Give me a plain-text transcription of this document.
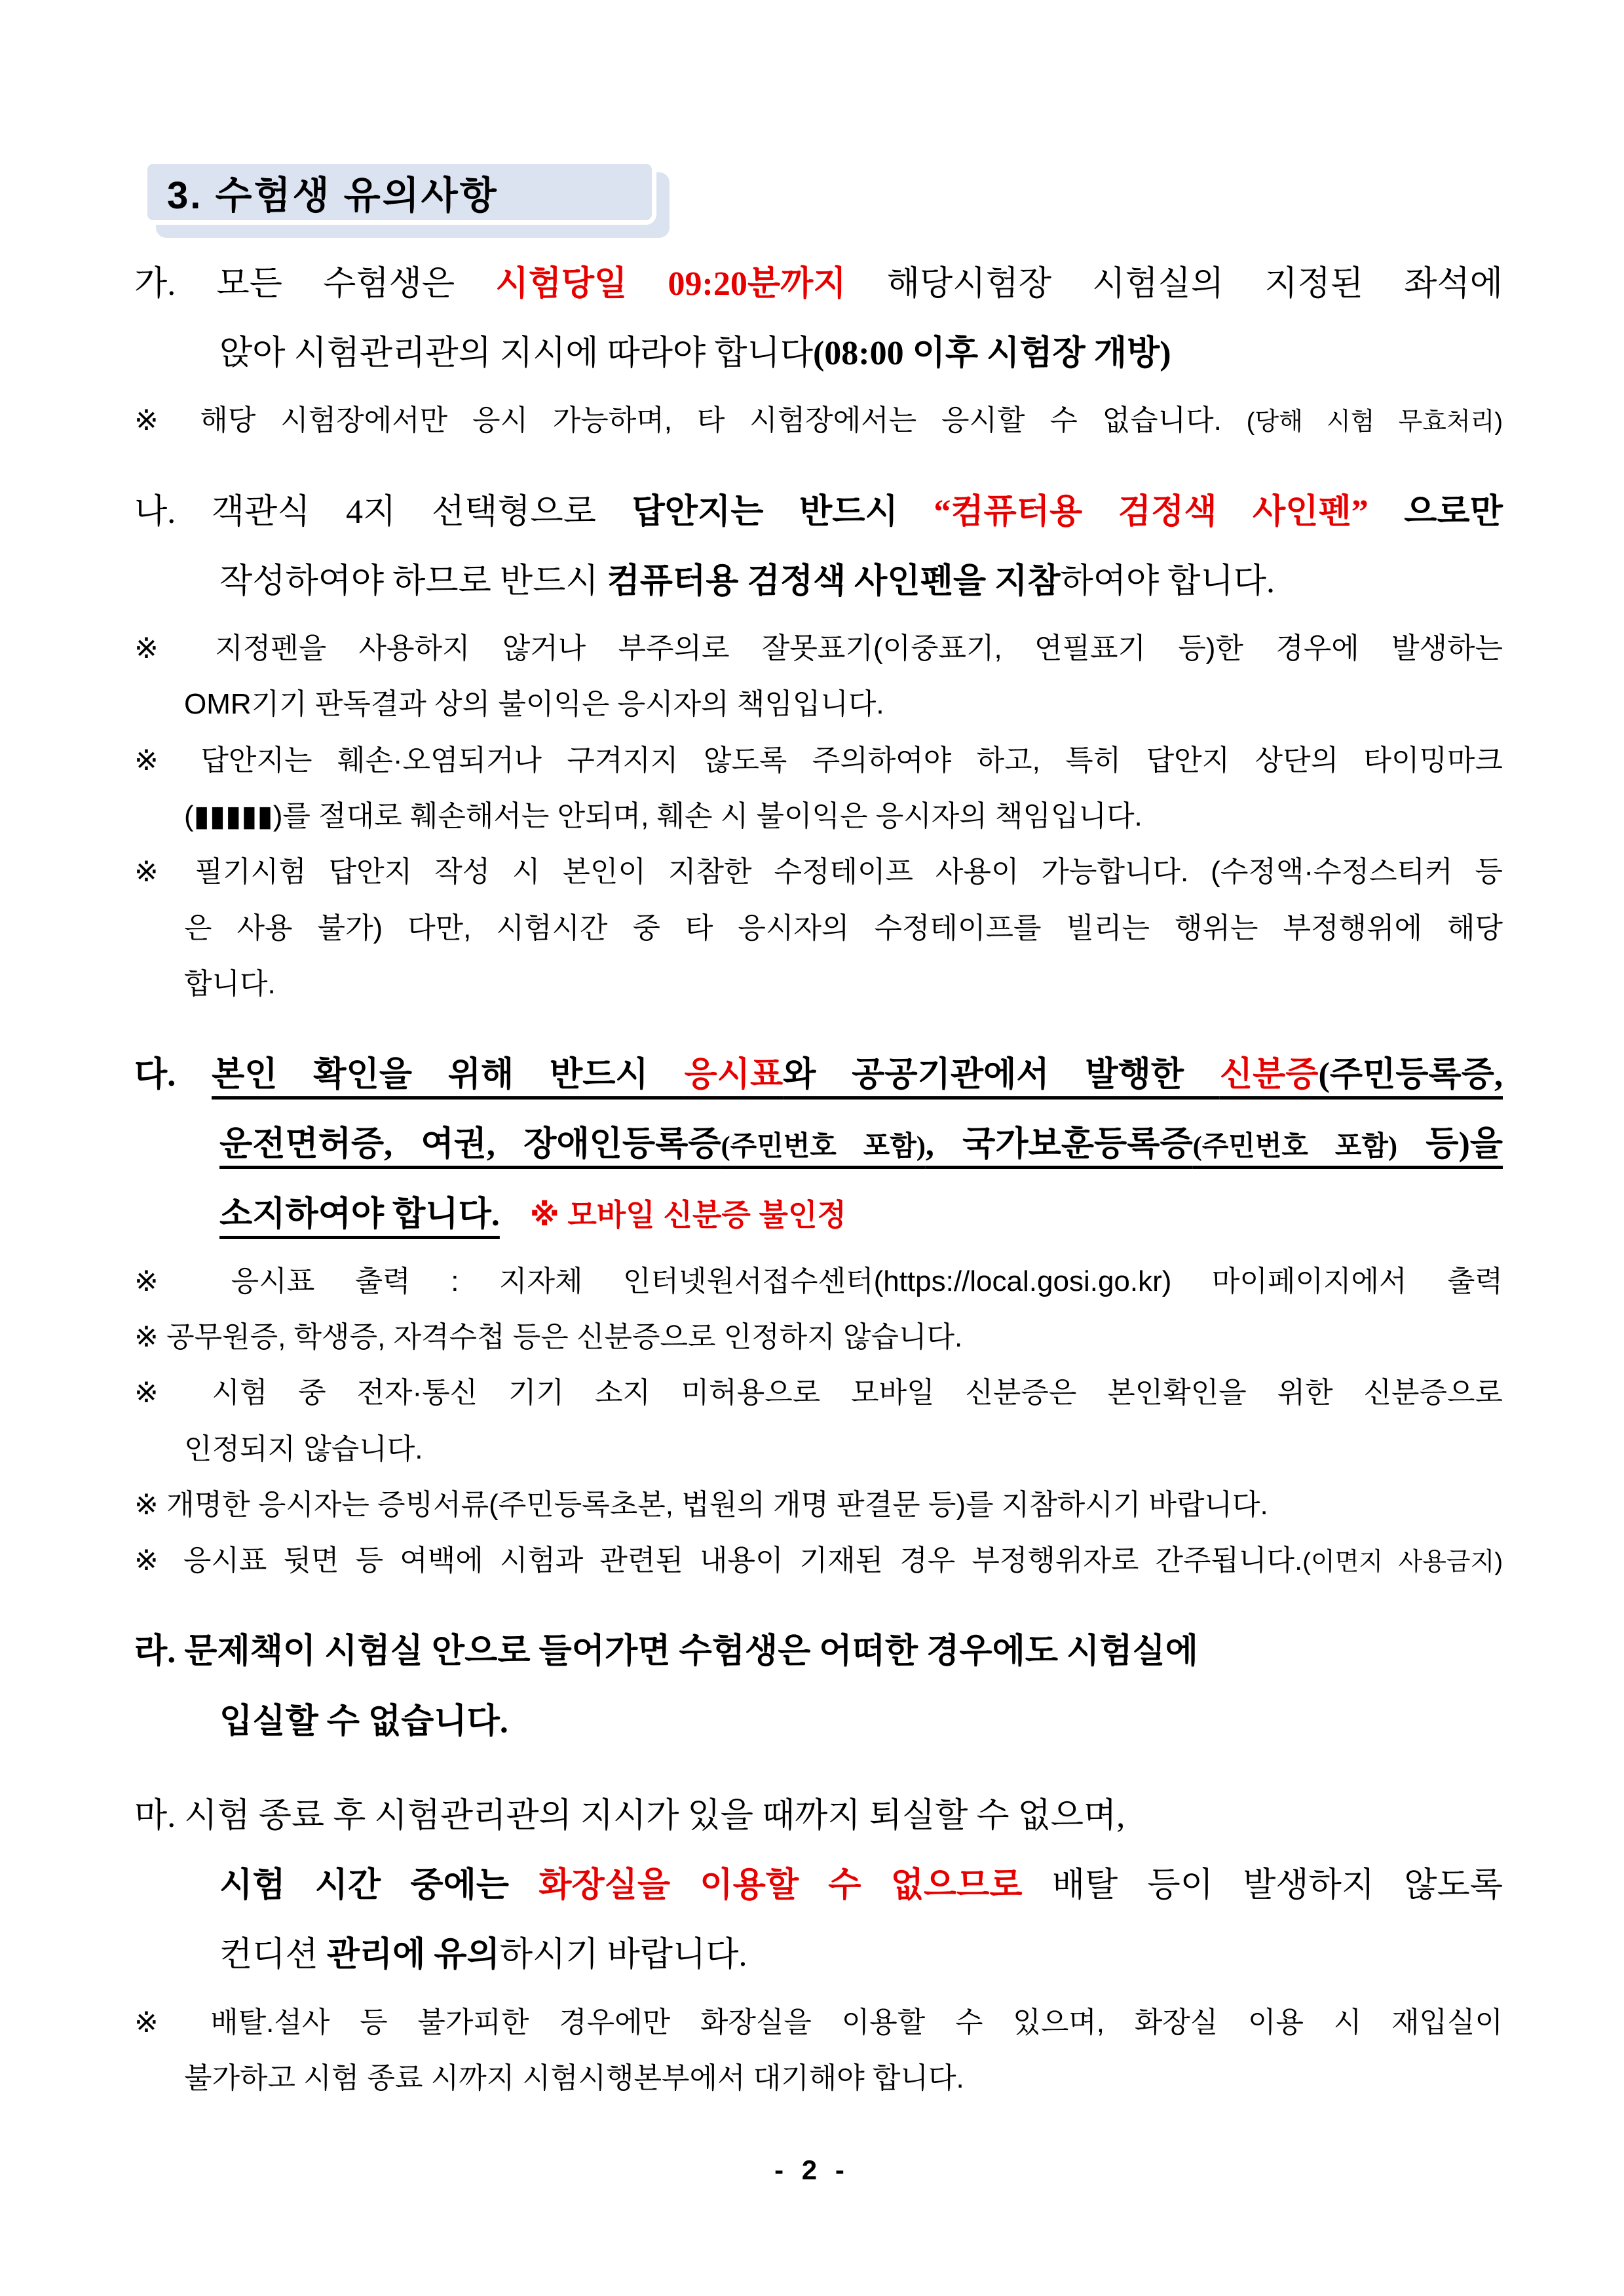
3. 수험생 유의사항
가. 모든 수험생은 시험당일 09:20분까지 해당시험장 시험실의 지정된 좌석에
앉아 시험관리관의 지시에 따라야 합니다(08:00 이후 시험장 개방)
※ 해당 시험장에서만 응시 가능하며, 타 시험장에서는 응시할 수 없습니다. (당해 시험 무효처리)
나. 객관식 4지 선택형으로 답안지는 반드시 “컴퓨터용 검정색 사인펜” 으로만
작성하여야 하므로 반드시 컴퓨터용 검정색 사인펜을 지참하여야 합니다.
※ 지정펜을 사용하지 않거나 부주의로 잘못표기(이중표기, 연필표기 등)한 경우에 발생하는
OMR기기 판독결과 상의 불이익은 응시자의 책임입니다.
※ 답안지는 훼손·오염되거나 구겨지지 않도록 주의하여야 하고, 특히 답안지 상단의 타이밍마크
(▮▮▮▮▮)를 절대로 훼손해서는 안되며, 훼손 시 불이익은 응시자의 책임입니다.
※ 필기시험 답안지 작성 시 본인이 지참한 수정테이프 사용이 가능합니다. (수정액·수정스티커 등
은 사용 불가) 다만, 시험시간 중 타 응시자의 수정테이프를 빌리는 행위는 부정행위에 해당
합니다.
다. 본인 확인을 위해 반드시 응시표와 공공기관에서 발행한 신분증(주민등록증,
운전면허증, 여권, 장애인등록증(주민번호 포함), 국가보훈등록증(주민번호 포함) 등)을
소지하여야 합니다. ※ 모바일 신분증 불인정
※ 응시표 출력 : 지자체 인터넷원서접수센터(https://local.gosi.go.kr) 마이페이지에서 출력
※ 공무원증, 학생증, 자격수첩 등은 신분증으로 인정하지 않습니다.
※ 시험 중 전자·통신 기기 소지 미허용으로 모바일 신분증은 본인확인을 위한 신분증으로
인정되지 않습니다.
※ 개명한 응시자는 증빙서류(주민등록초본, 법원의 개명 판결문 등)를 지참하시기 바랍니다.
※ 응시표 뒷면 등 여백에 시험과 관련된 내용이 기재된 경우 부정행위자로 간주됩니다.(이면지 사용금지)
라. 문제책이 시험실 안으로 들어가면 수험생은 어떠한 경우에도 시험실에
입실할 수 없습니다.
마. 시험 종료 후 시험관리관의 지시가 있을 때까지 퇴실할 수 없으며,
시험 시간 중에는 화장실을 이용할 수 없으므로 배탈 등이 발생하지 않도록
컨디션 관리에 유의하시기 바랍니다.
※ 배탈.설사 등 불가피한 경우에만 화장실을 이용할 수 있으며, 화장실 이용 시 재입실이
불가하고 시험 종료 시까지 시험시행본부에서 대기해야 합니다.
- 2 -
